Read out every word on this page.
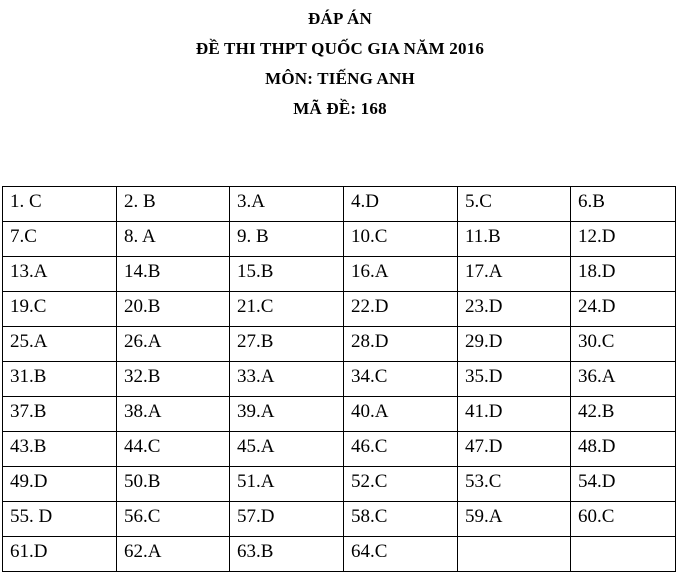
ĐÁP ÁN
ĐỀ THI THPT QUỐC GIA NĂM 2016
MÔN: TIẾNG ANH
MÃ ĐỀ: 168
1. C	2. B	3.A	4.D	5.C	6.B
7.C	8. A	9. B	10.C	11.B	12.D
13.A	14.B	15.B	16.A	17.A	18.D
19.C	20.B	21.C	22.D	23.D	24.D
25.A	26.A	27.B	28.D	29.D	30.C
31.B	32.B	33.A	34.C	35.D	36.A
37.B	38.A	39.A	40.A	41.D	42.B
43.B	44.C	45.A	46.C	47.D	48.D
49.D	50.B	51.A	52.C	53.C	54.D
55. D	56.C	57.D	58.C	59.A	60.C
61.D	62.A	63.B	64.C		
